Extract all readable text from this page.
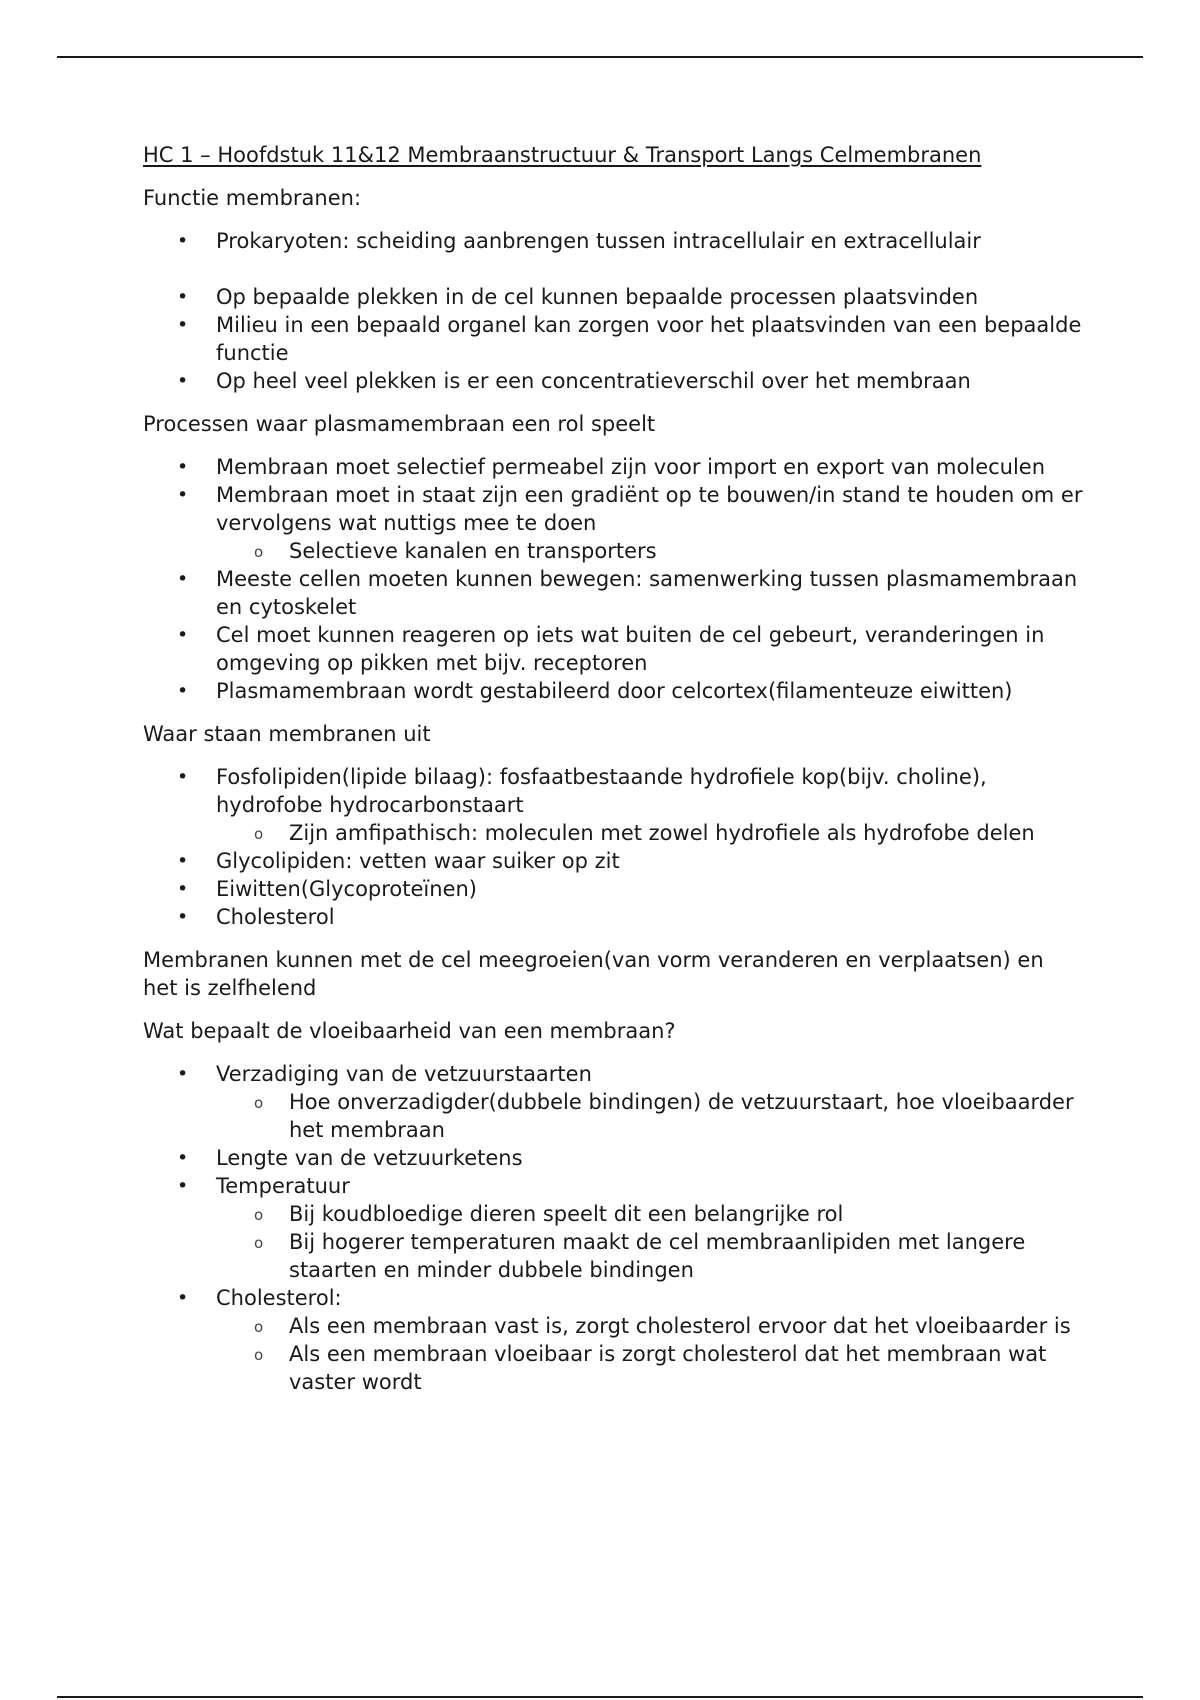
HC 1 – Hoofdstuk 11&12 Membraanstructuur & Transport Langs Celmembranen

Functie membranen:

• Prokaryoten: scheiding aanbrengen tussen intracellulair en extracellulair
• Op bepaalde plekken in de cel kunnen bepaalde processen plaatsvinden
• Milieu in een bepaald organel kan zorgen voor het plaatsvinden van een bepaalde functie
• Op heel veel plekken is er een concentratieverschil over het membraan

Processen waar plasmamembraan een rol speelt

• Membraan moet selectief permeabel zijn voor import en export van moleculen
• Membraan moet in staat zijn een gradiënt op te bouwen/in stand te houden om er vervolgens wat nuttigs mee te doen
o Selectieve kanalen en transporters
• Meeste cellen moeten kunnen bewegen: samenwerking tussen plasmamembraan en cytoskelet
• Cel moet kunnen reageren op iets wat buiten de cel gebeurt, veranderingen in omgeving op pikken met bijv. receptoren
• Plasmamembraan wordt gestabileerd door celcortex(filamenteuze eiwitten)

Waar staan membranen uit

• Fosfolipiden(lipide bilaag): fosfaatbestaande hydrofiele kop(bijv. choline), hydrofobe hydrocarbonstaart
o Zijn amfipathisch: moleculen met zowel hydrofiele als hydrofobe delen
• Glycolipiden: vetten waar suiker op zit
• Eiwitten(Glycoproteïnen)
• Cholesterol

Membranen kunnen met de cel meegroeien(van vorm veranderen en verplaatsen) en het is zelfhelend

Wat bepaalt de vloeibaarheid van een membraan?

• Verzadiging van de vetzuurstaarten
o Hoe onverzadigder(dubbele bindingen) de vetzuurstaart, hoe vloeibaarder het membraan
• Lengte van de vetzuurketens
• Temperatuur
o Bij koudbloedige dieren speelt dit een belangrijke rol
o Bij hogerer temperaturen maakt de cel membraanlipiden met langere staarten en minder dubbele bindingen
• Cholesterol:
o Als een membraan vast is, zorgt cholesterol ervoor dat het vloeibaarder is
o Als een membraan vloeibaar is zorgt cholesterol dat het membraan wat vaster wordt
